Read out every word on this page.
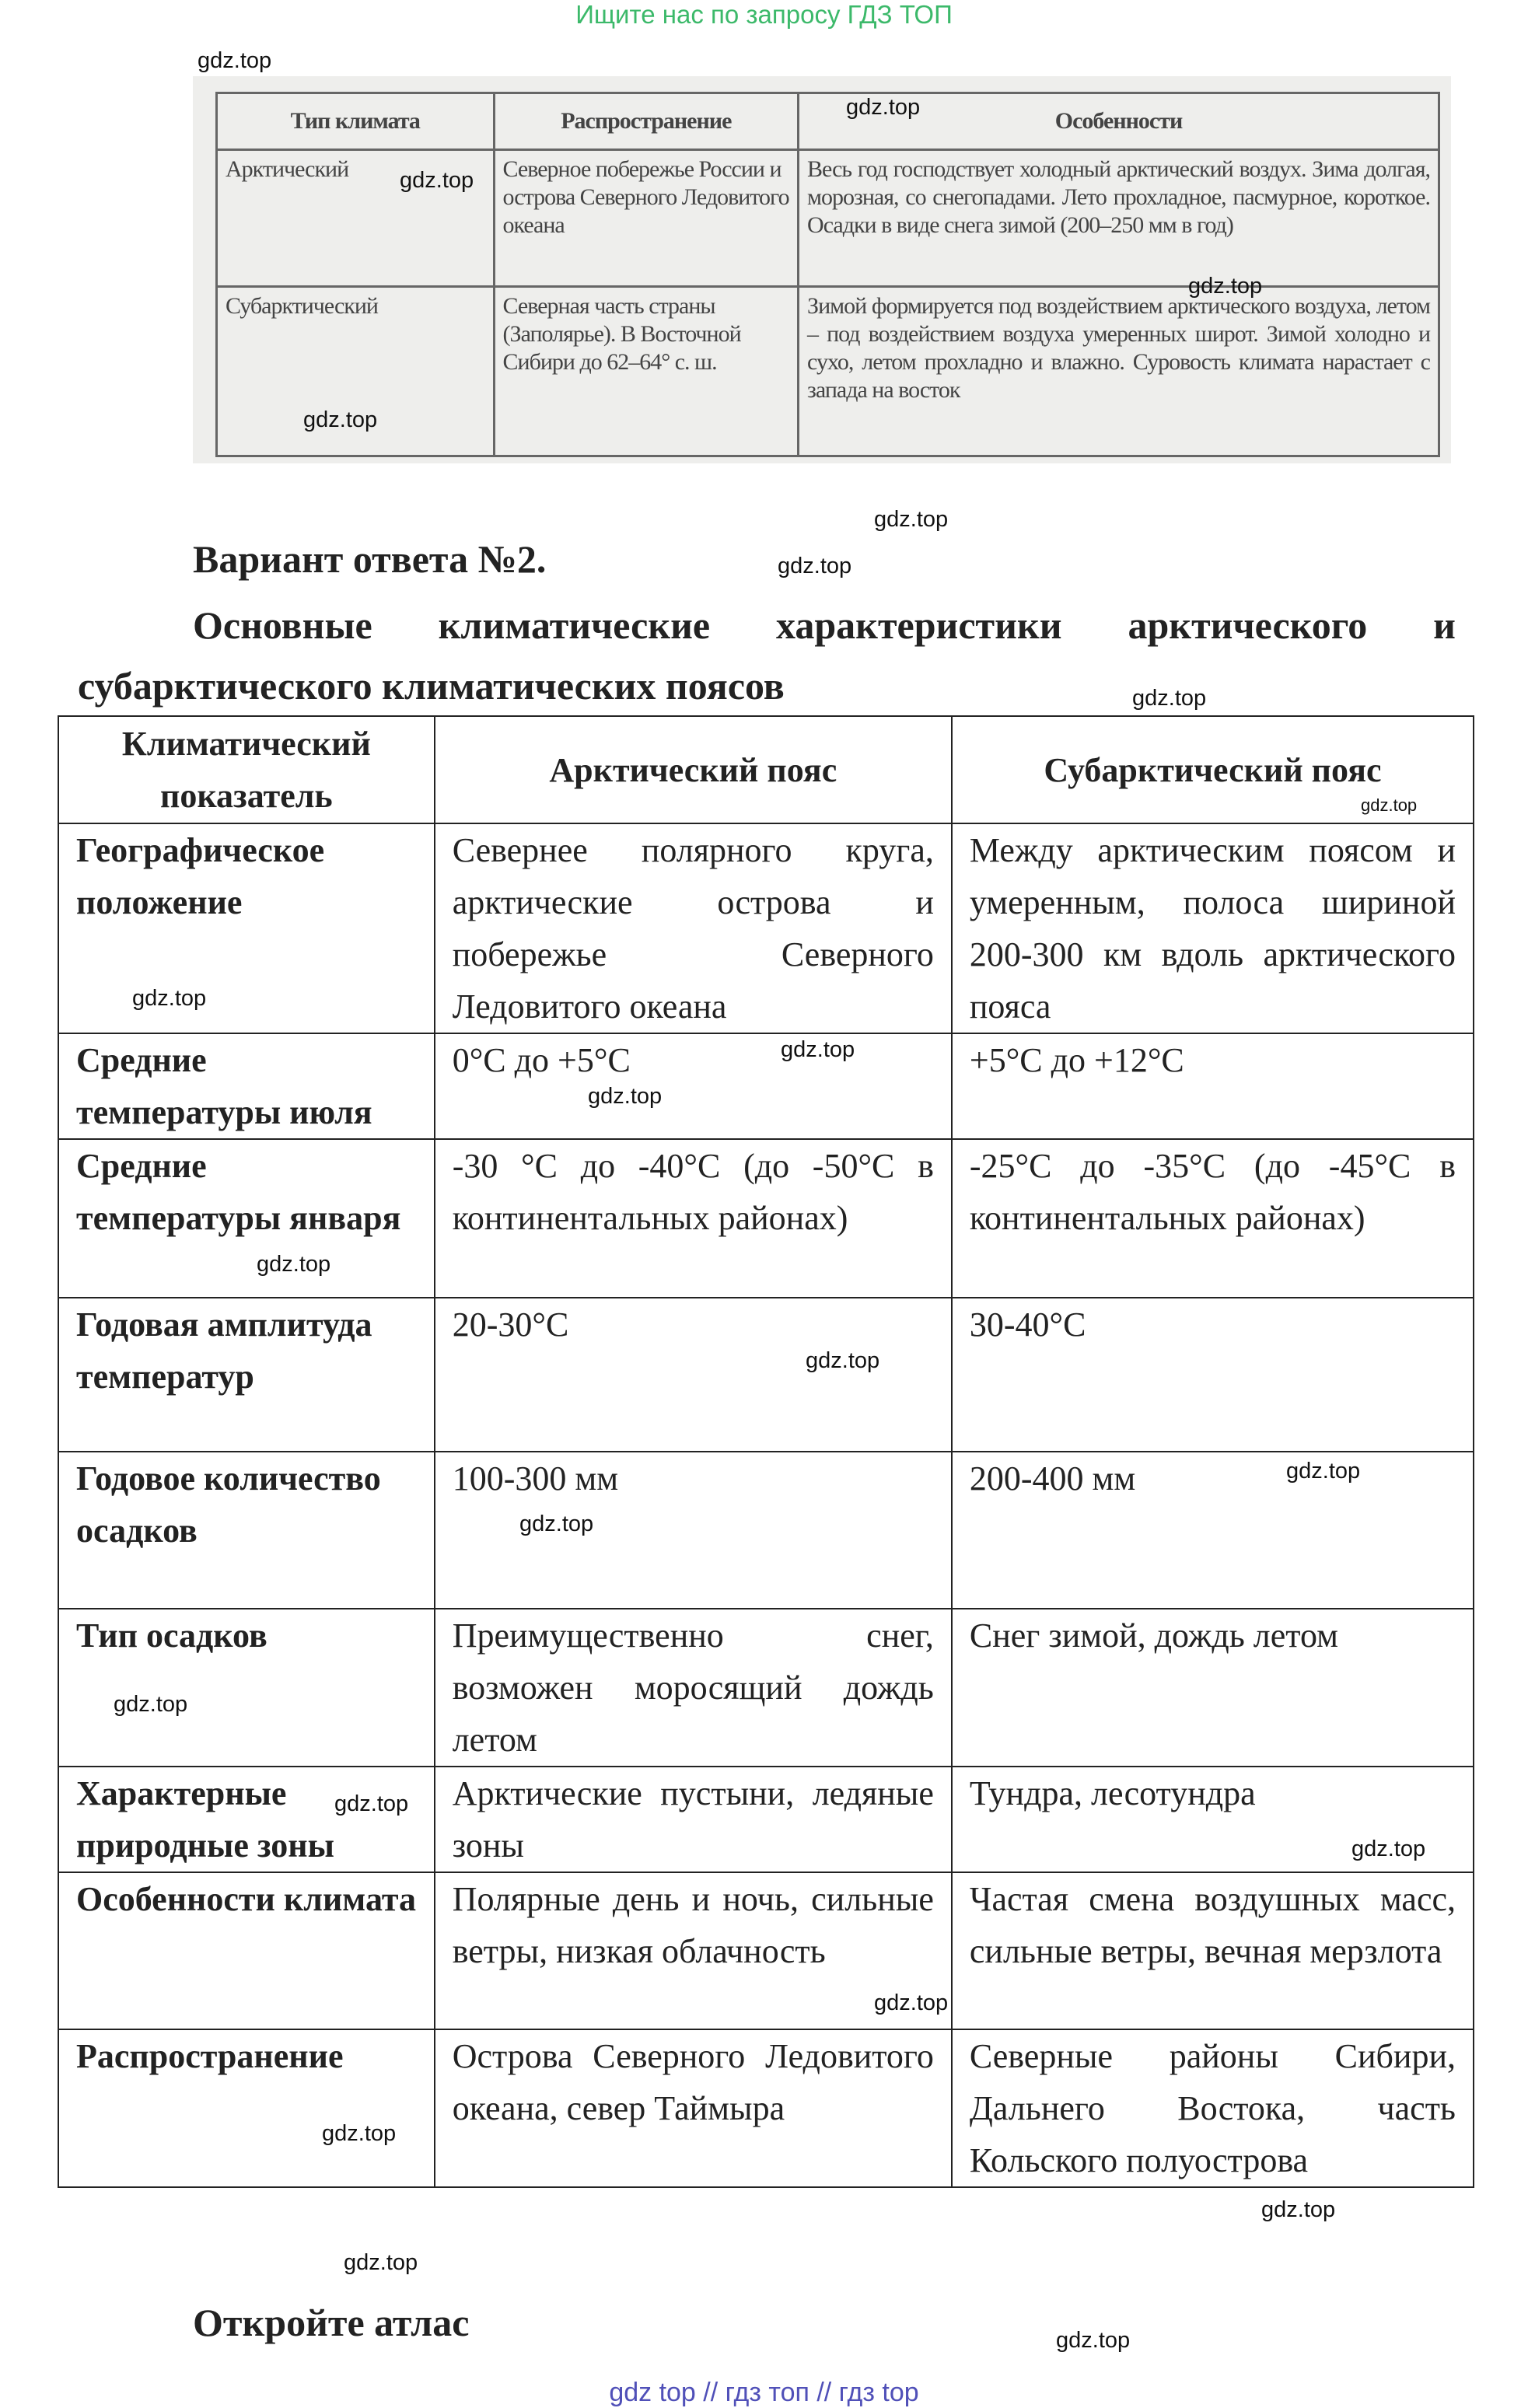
Ищите нас по запросу ГДЗ ТОП
Тип климата	Распространение	Особенности
Арктический	Северное побережье России и острова Северного Ледовитого океана	Весь год господствует холодный арктический воздух. Зима долгая, морозная, со снегопадами. Лето прохладное, пасмурное, короткое. Осадки в виде снега зимой (200–250 мм в год)
Субарктический	Северная часть страны (Заполярье). В Восточной Сибири до 62–64° с. ш.	Зимой формируется под воздействием арктического воздуха, летом – под воздействием воздуха умеренных широт. Зимой холодно и сухо, летом прохладно и влажно. Суровость климата нарастает с запада на восток
Вариант ответа №2.
Основные климатические характеристики арктического и субарктического климатических поясов
Климатический показатель	Арктический пояс	Субарктический пояс
Географическое положение	Севернее полярного круга, арктические острова и побережье Северного Ледовитого океана	Между арктическим поясом и умеренным, полоса шириной 200-300 км вдоль арктического пояса
Средние температуры июля	0°С до +5°С	+5°С до +12°С
Средние температуры января	-30 °С до -40°С (до -50°С в континентальных районах)	-25°С до -35°С (до -45°С в континентальных районах)
Годовая амплитуда температур	20-30°С	30-40°С
Годовое количество осадков	100-300 мм	200-400 мм
Тип осадков	Преимущественно снег, возможен моросящий дождь летом	Снег зимой, дождь летом
Характерные природные зоны	Арктические пустыни, ледяные зоны	Тундра, лесотундра
Особенности климата	Полярные день и ночь, сильные ветры, низкая облачность	Частая смена воздушных масс, сильные ветры, вечная мерзлота
Распространение	Острова Северного Ледовитого океана, север Таймыра	Северные районы Сибири, Дальнего Востока, часть Кольского полуострова
Откройте атлас
gdz top // гдз топ // гдз top
gdz.top
gdz.top
gdz.top
gdz.top
gdz.top
gdz.top
gdz.top
gdz.top
gdz.top
gdz.top
gdz.top
gdz.top
gdz.top
gdz.top
gdz.top
gdz.top
gdz.top
gdz.top
gdz.top
gdz.top
gdz.top
gdz.top
gdz.top
gdz.top
